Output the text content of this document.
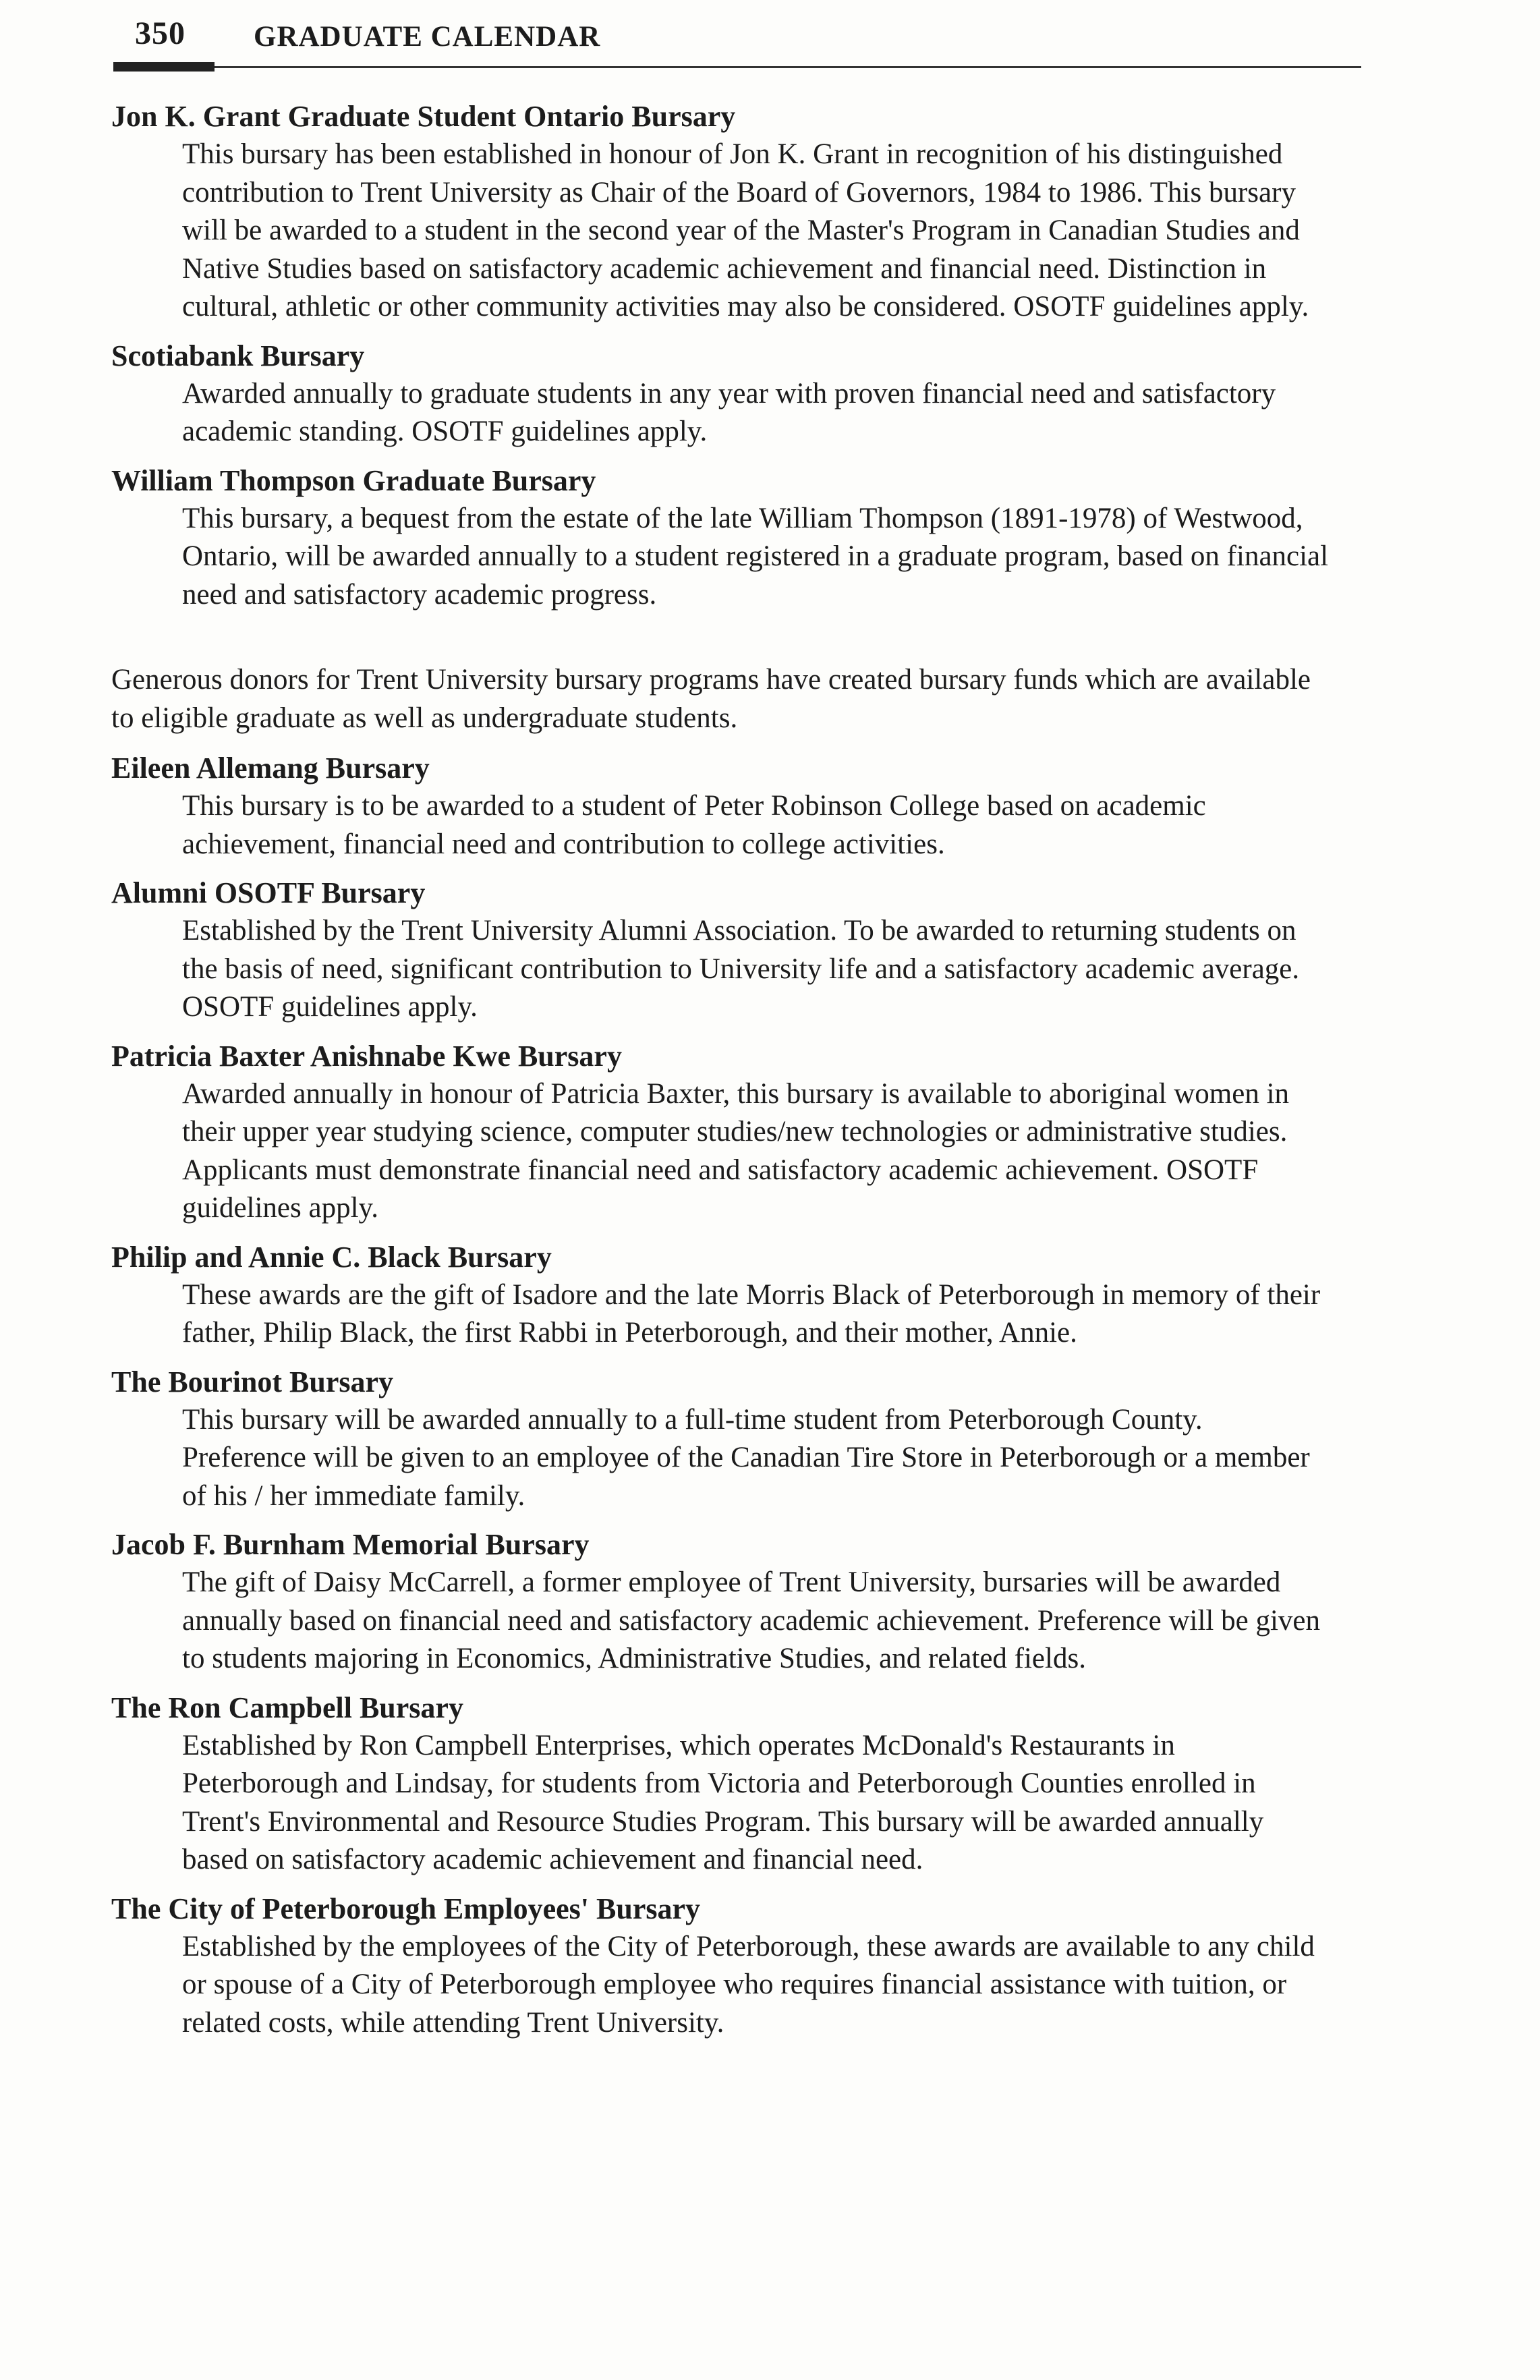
350 GRADUATE CALENDAR
Jon K. Grant Graduate Student Ontario Bursary
This bursary has been established in honour of Jon K. Grant in recognition of his distinguished contribution to Trent University as Chair of the Board of Governors, 1984 to 1986. This bursary will be awarded to a student in the second year of the Master's Program in Canadian Studies and Native Studies based on satisfactory academic achievement and financial need. Distinction in cultural, athletic or other community activities may also be considered. OSOTF guidelines apply.
Scotiabank Bursary
Awarded annually to graduate students in any year with proven financial need and satisfactory academic standing. OSOTF guidelines apply.
William Thompson Graduate Bursary
This bursary, a bequest from the estate of the late William Thompson (1891-1978) of Westwood, Ontario, will be awarded annually to a student registered in a graduate program, based on financial need and satisfactory academic progress.
Generous donors for Trent University bursary programs have created bursary funds which are available to eligible graduate as well as undergraduate students.
Eileen Allemang Bursary
This bursary is to be awarded to a student of Peter Robinson College based on academic achievement, financial need and contribution to college activities.
Alumni OSOTF Bursary
Established by the Trent University Alumni Association. To be awarded to returning students on the basis of need, significant contribution to University life and a satisfactory academic average. OSOTF guidelines apply.
Patricia Baxter Anishnabe Kwe Bursary
Awarded annually in honour of Patricia Baxter, this bursary is available to aboriginal women in their upper year studying science, computer studies/new technologies or administrative studies. Applicants must demonstrate financial need and satisfactory academic achievement. OSOTF guidelines apply.
Philip and Annie C. Black Bursary
These awards are the gift of Isadore and the late Morris Black of Peterborough in memory of their father, Philip Black, the first Rabbi in Peterborough, and their mother, Annie.
The Bourinot Bursary
This bursary will be awarded annually to a full-time student from Peterborough County. Preference will be given to an employee of the Canadian Tire Store in Peterborough or a member of his / her immediate family.
Jacob F. Burnham Memorial Bursary
The gift of Daisy McCarrell, a former employee of Trent University, bursaries will be awarded annually based on financial need and satisfactory academic achievement. Preference will be given to students majoring in Economics, Administrative Studies, and related fields.
The Ron Campbell Bursary
Established by Ron Campbell Enterprises, which operates McDonald's Restaurants in Peterborough and Lindsay, for students from Victoria and Peterborough Counties enrolled in Trent's Environmental and Resource Studies Program. This bursary will be awarded annually based on satisfactory academic achievement and financial need.
The City of Peterborough Employees' Bursary
Established by the employees of the City of Peterborough, these awards are available to any child or spouse of a City of Peterborough employee who requires financial assistance with tuition, or related costs, while attending Trent University.
